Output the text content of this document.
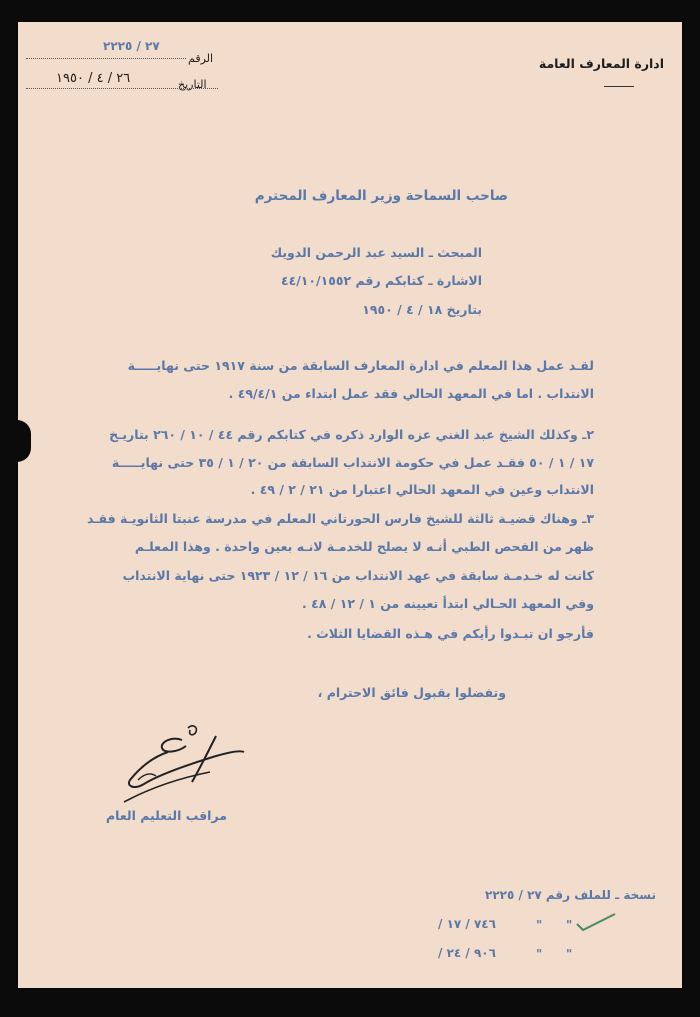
٢٧ / ٢٢٢٥
الرقم
التاريخ
٢٦ / ٤ / ١٩٥٠
ادارة المعارف العامة
صاحب السماحة وزير المعارف المحترم
المبحث ـ السيد عبد الرحمن الدويك
الاشارة ـ كتابكم رقم ٤٤/١٠/١٥٥٢
بتاريخ ١٨ / ٤ / ١٩٥٠
لقـد عمل هذا المعلم في ادارة المعارف السابقة من سنة ١٩١٧ حتى نهايـــــة
الانتداب . اما في المعهد الحالي فقد عمل ابتداء من ٤٩/٤/١ .
٢ـ وكذلك الشيخ عبد الغني عزه الوارد ذكره في كتابكم رقم ٤٤ / ١٠ / ٢٦٠ بتاريـخ
١٧ / ١ / ٥٠ فقـد عمل في حكومة الانتداب السابقة من ٢٠ / ١ / ٣٥ حتى نهايـــــة
الانتداب وعين في المعهد الحالي اعتبارا من ٢١ / ٢ / ٤٩ .
٣ـ وهناك قضيـة ثالثة للشيخ فارس الحورتاني المعلم في مدرسة عنبتا الثانويـة فقـد
ظهر من الفحص الطبي أنـه لا يصلح للخدمـة لانـه بعين واحدة . وهذا المعلـم
كانت له خـدمـة سابقة في عهد الانتداب من ١٦ / ١٢ / ١٩٢٣ حتى نهاية الانتداب
وفي المعهد الحـالي ابتدأ تعيينه من ١ / ١٢ / ٤٨ .
فأرجو ان تبـدوا رأيكم في هـذه القضايا الثلاث .
وتفضلوا بقبول فائق الاحترام ،
مراقب التعليم العام
نسخة ـ للملف رقم ٢٧ / ٢٢٢٥
" "
٧٤٦ / ١٧ /
" "
٩٠٦ / ٢٤ /
